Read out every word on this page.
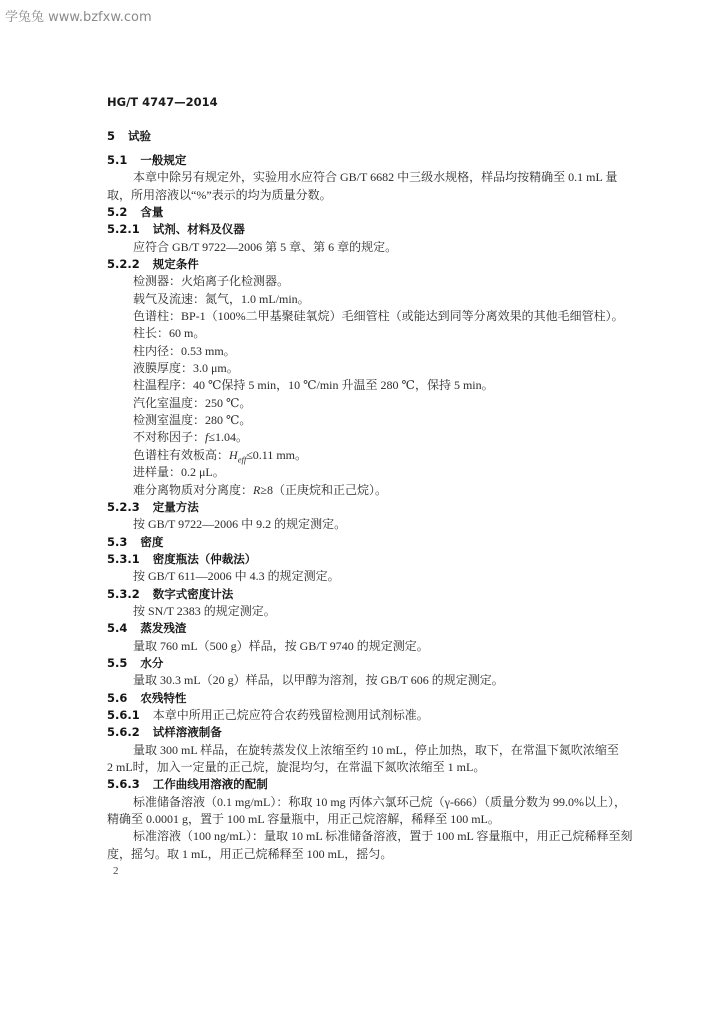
学兔兔 www.bzfxw.com
HG/T 4747—2014
5 试验
5.1 一般规定
本章中除另有规定外，实验用水应符合 GB/T 6682 中三级水规格，样品均按精确至 0.1 mL 量
取，所用溶液以“%”表示的均为质量分数。
5.2 含量
5.2.1 试剂、材料及仪器
应符合 GB/T 9722—2006 第 5 章、第 6 章的规定。
5.2.2 规定条件
检测器：火焰离子化检测器。
载气及流速：氮气，1.0 mL/min。
色谱柱：BP-1（100%二甲基聚硅氧烷）毛细管柱（或能达到同等分离效果的其他毛细管柱）。
柱长：60 m。
柱内径：0.53 mm。
液膜厚度：3.0 μm。
柱温程序：40 ℃保持 5 min，10 ℃/min 升温至 280 ℃，保持 5 min。
汽化室温度：250 ℃。
检测室温度：280 ℃。
不对称因子：f≤1.04。
色谱柱有效板高：$H_{eff}\le 0.11$ mm。
进样量：0.2 μL。
难分离物质对分离度：R≥8（正庚烷和正己烷）。
5.2.3 定量方法
按 GB/T 9722—2006 中 9.2 的规定测定。
5.3 密度
5.3.1 密度瓶法（仲裁法）
按 GB/T 611—2006 中 4.3 的规定测定。
5.3.2 数字式密度计法
按 SN/T 2383 的规定测定。
5.4 蒸发残渣
量取 760 mL（500 g）样品，按 GB/T 9740 的规定测定。
5.5 水分
量取 30.3 mL（20 g）样品，以甲醇为溶剂，按 GB/T 606 的规定测定。
5.6 农残特性
5.6.1 本章中所用正己烷应符合农药残留检测用试剂标准。
5.6.2 试样溶液制备
量取 300 mL 样品，在旋转蒸发仪上浓缩至约 10 mL，停止加热，取下，在常温下氮吹浓缩至
2 mL时，加入一定量的正己烷，旋混均匀，在常温下氮吹浓缩至 1 mL。
5.6.3 工作曲线用溶液的配制
标准储备溶液（0.1 mg/mL）：称取 10 mg 丙体六氯环己烷（γ-666）（质量分数为 99.0%以上），
精确至 0.0001 g，置于 100 mL 容量瓶中，用正己烷溶解，稀释至 100 mL。
标准溶液（100 ng/mL）：量取 10 mL 标准储备溶液，置于 100 mL 容量瓶中，用正己烷稀释至刻
度，摇匀。取 1 mL，用正己烷稀释至 100 mL，摇匀。
2
